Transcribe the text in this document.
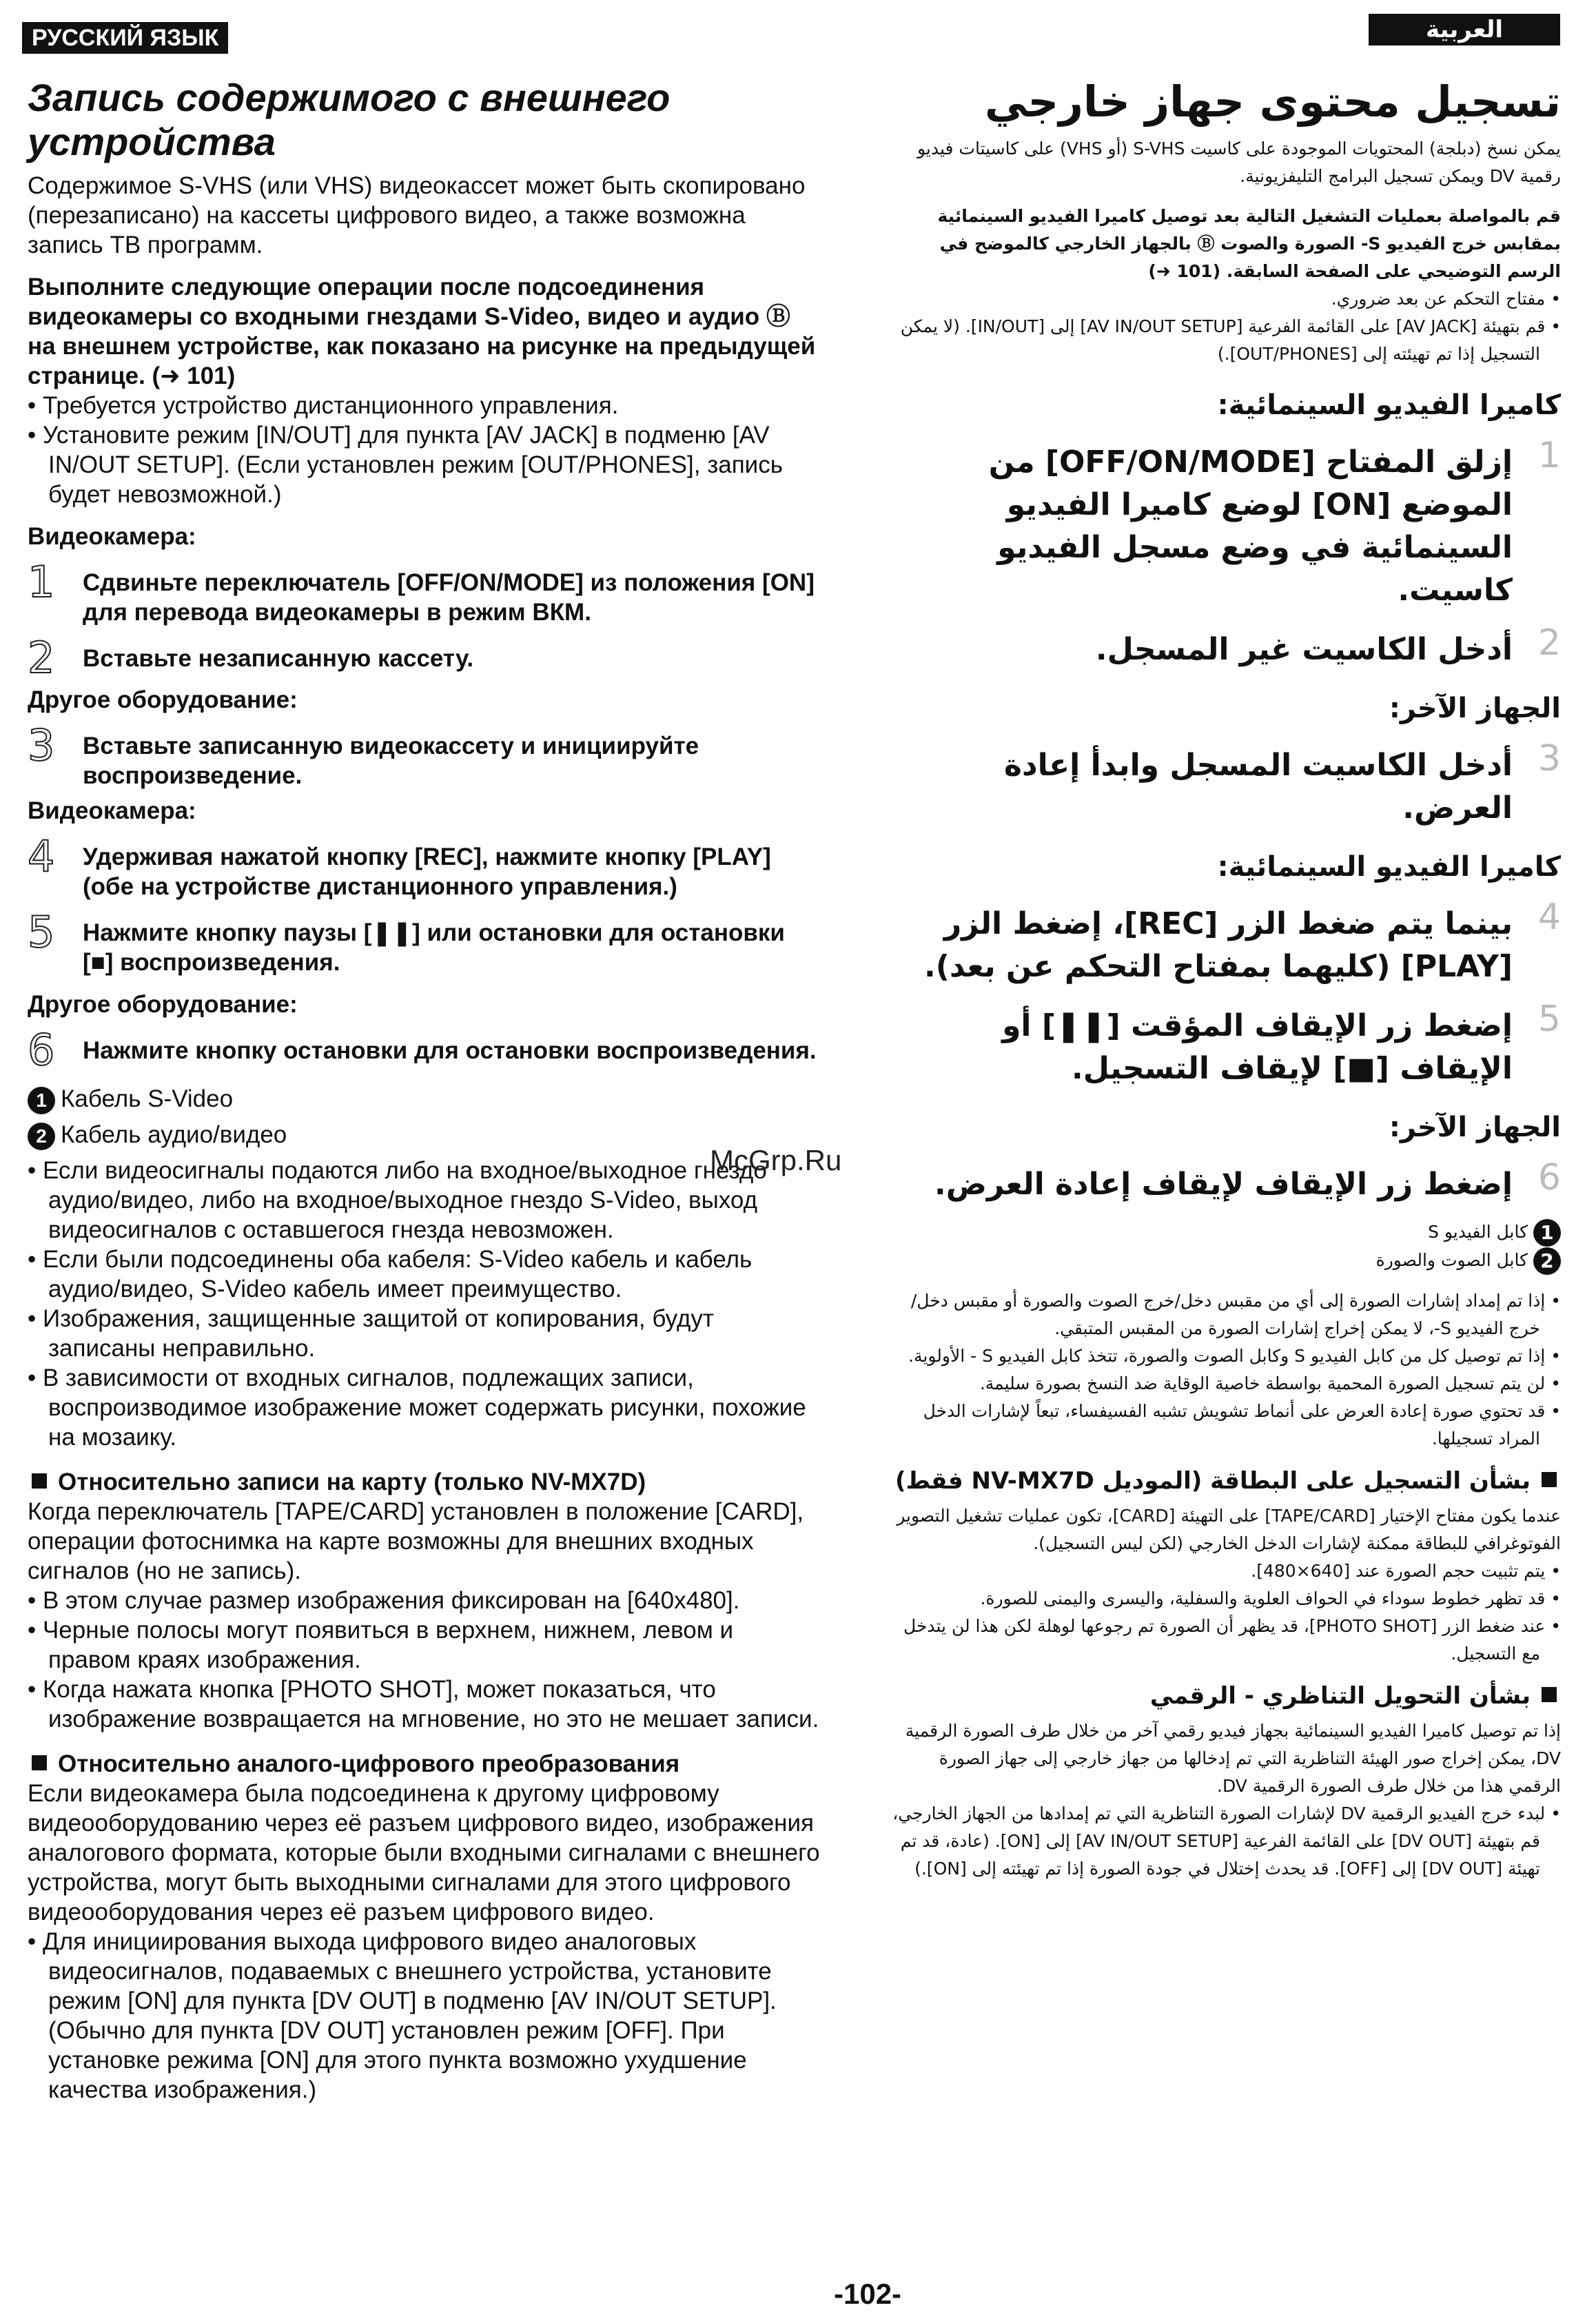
РУССКИЙ ЯЗЫК	العربية
Запись содержимого с внешнего устройства

Содержимое S-VHS (или VHS) видеокассет может быть скопировано (перезаписано) на кассеты цифрового видео, а также возможна запись ТВ программ.

Выполните следующие операции после подсоединения видеокамеры со входными гнездами S-Video, видео и аудио Ⓑ на внешнем устройстве, как показано на рисунке на предыдущей странице. (➜ 101)

• Требуется устройство дистанционного управления.

• Установите режим [IN/OUT] для пункта [AV JACK] в подменю [AV IN/OUT SETUP]. (Если установлен режим [OUT/PHONES], запись будет невозможной.)

Видеокамера:

1	Сдвиньте переключатель [OFF/ON/MODE] из положения [ON] для перевода видеокамеры в режим ВКМ.
2	Вставьте незаписанную кассету.

Другое оборудование:

3	Вставьте записанную видеокассету и инициируйте воспроизведение.

Видеокамера:

4	Удерживая нажатой кнопку [REC], нажмите кнопку [PLAY] (обе на устройстве дистанционного управления.)
5	Нажмите кнопку паузы [❚❚] или остановки для остановки [■] воспроизведения.

Другое оборудование:

6	Нажмите кнопку остановки для остановки воспроизведения.

1 Кабель S-Video

2 Кабель аудио/видео

• Если видеосигналы подаются либо на входное/выходное гнездо аудио/видео, либо на входное/выходное гнездо S-Video, выход видеосигналов с оставшегося гнезда невозможен.

• Если были подсоединены оба кабеля: S-Video кабель и кабель аудио/видео, S-Video кабель имеет преимущество.

• Изображения, защищенные защитой от копирования, будут записаны неправильно.

• В зависимости от входных сигналов, подлежащих записи, воспроизводимое изображение может содержать рисунки, похожие на мозаику.

Относительно записи на карту (только NV-MX7D)

Когда переключатель [TAPE/CARD] установлен в положение [CARD], операции фотоснимка на карте возможны для внешних входных сигналов (но не запись).

• В этом случае размер изображения фиксирован на [640x480].

• Черные полосы могут появиться в верхнем, нижнем, левом и правом краях изображения.

• Когда нажата кнопка [PHOTO SHOT], может показаться, что изображение возвращается на мгновение, но это не мешает записи.

Относительно аналого-цифрового преобразования

Если видеокамера была подсоединена к другому цифровому видеооборудованию через её разъем цифрового видео, изображения аналогового формата, которые были входными сигналами с внешнего устройства, могут быть выходными сигналами для этого цифрового видеооборудования через её разъем цифрового видео.

• Для инициирования выхода цифрового видео аналоговых видеосигналов, подаваемых с внешнего устройства, установите режим [ON] для пункта [DV OUT] в подменю [AV IN/OUT SETUP]. (Обычно для пункта [DV OUT] установлен режим [OFF]. При установке режима [ON] для этого пункта возможно ухудшение качества изображения.)

تسجيل محتوى جهاز خارجي

يمكن نسخ (دبلجة) المحتويات الموجودة على كاسيت S-VHS (أو VHS) على كاسيتات فيديو رقمية DV ويمكن تسجيل البرامج التليفزيونية.

قم بالمواصلة بعمليات التشغيل التالية بعد توصيل كاميرا الفيديو السينمائية بمقابس خرج الفيديو S- الصورة والصوت Ⓑ بالجهاز الخارجي كالموضح في الرسم التوضيحي على الصفحة السابقة. (101 ➜)

• مفتاح التحكم عن بعد ضروري.

• قم بتهيئة [AV JACK] على القائمة الفرعية [AV IN/OUT SETUP] إلى [IN/OUT]. (لا يمكن التسجيل إذا تم تهيئته إلى [OUT/PHONES].)

كاميرا الفيديو السينمائية:

1
إزلق المفتاح [OFF/ON/MODE] من الموضع [ON] لوضع كاميرا الفيديو السينمائية في وضع مسجل الفيديو كاسيت.
2
أدخل الكاسيت غير المسجل.

الجهاز الآخر:

3
أدخل الكاسيت المسجل وابدأ إعادة العرض.

كاميرا الفيديو السينمائية:

4
بينما يتم ضغط الزر [REC]، إضغط الزر [PLAY] (كليهما بمفتاح التحكم عن بعد).
5
إضغط زر الإيقاف المؤقت [❚❚] أو الإيقاف [■] لإيقاف التسجيل.

الجهاز الآخر:

6
إضغط زر الإيقاف لإيقاف إعادة العرض.

1كابل الفيديو S

2كابل الصوت والصورة

• إذا تم إمداد إشارات الصورة إلى أي من مقبس دخل/خرج الصوت والصورة أو مقبس دخل/خرج الفيديو S-، لا يمكن إخراج إشارات الصورة من المقبس المتبقي.

• إذا تم توصيل كل من كابل الفيديو S وكابل الصوت والصورة، تتخذ كابل الفيديو S - الأولوية.

• لن يتم تسجيل الصورة المحمية بواسطة خاصية الوقاية ضد النسخ بصورة سليمة.

• قد تحتوي صورة إعادة العرض على أنماط تشويش تشبه الفسيفساء، تبعاً لإشارات الدخل المراد تسجيلها.

بشأن التسجيل على البطاقة (الموديل NV-MX7D فقط)

عندما يكون مفتاح الإختيار [TAPE/CARD] على التهيئة [CARD]، تكون عمليات تشغيل التصوير الفوتوغرافي للبطاقة ممكنة لإشارات الدخل الخارجي (لكن ليس التسجيل).

• يتم تثبيت حجم الصورة عند [640×480].

• قد تظهر خطوط سوداء في الحواف العلوية والسفلية، واليسرى واليمنى للصورة.

• عند ضغط الزر [PHOTO SHOT]، قد يظهر أن الصورة تم رجوعها لوهلة لكن هذا لن يتدخل مع التسجيل.

بشأن التحويل التناظري - الرقمي

إذا تم توصيل كاميرا الفيديو السينمائية بجهاز فيديو رقمي آخر من خلال طرف الصورة الرقمية DV، يمكن إخراج صور الهيئة التناظرية التي تم إدخالها من جهاز خارجي إلى جهاز الصورة الرقمي هذا من خلال طرف الصورة الرقمية DV.

• لبدء خرج الفيديو الرقمية DV لإشارات الصورة التناظرية التي تم إمدادها من الجهاز الخارجي، قم بتهيئة [DV OUT] على القائمة الفرعية [AV IN/OUT SETUP] إلى [ON]. (عادة، قد تم تهيئة [DV OUT] إلى [OFF]. قد يحدث إختلال في جودة الصورة إذا تم تهيئته إلى [ON].)

McGrp.Ru
-102-
